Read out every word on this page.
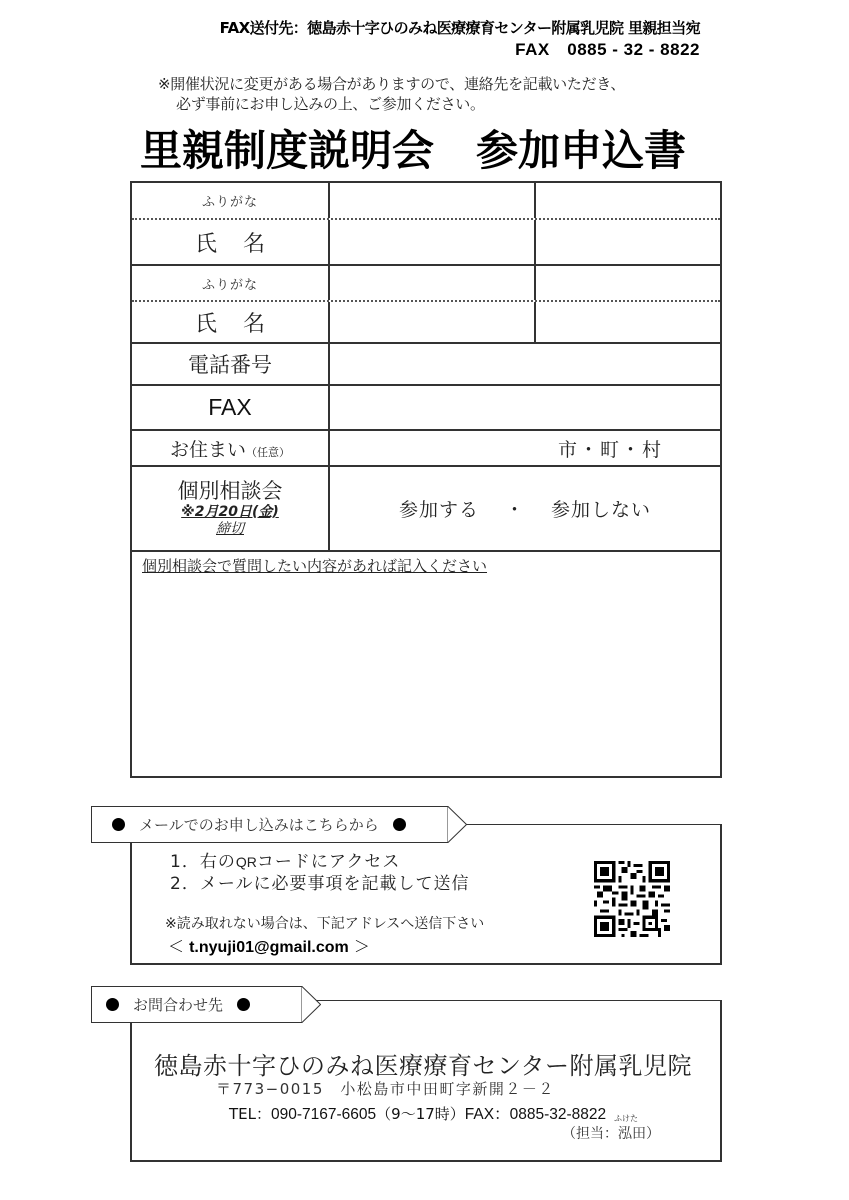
FAX送付先：徳島赤十字ひのみね医療療育センター附属乳児院 里親担当宛
FAX　0885 - 32 - 8822
※開催状況に変更がある場合がありますので、連絡先を記載いただき、
必ず事前にお申し込みの上、ご参加ください。
里親制度説明会　参加申込書
ふりがな
氏名
ふりがな
氏名
電話番号
FAX
お住まい（任意）	市・町・村
個別相談会
※2月20日(金)
締切
参加する ・ 参加しない
個別相談会で質問したい内容があれば記入ください
メールでのお申し込みはこちらから
1．右のQRコードにアクセス
2．メールに必要事項を記載して送信
※読み取れない場合は、下記アドレスへ送信下さい
＜ t.nyuji01@gmail.com ＞
お問合わせ先
徳島赤十字ひのみね医療療育センター附属乳児院
〒773−0015　小松島市中田町字新開２－２
TEL：090-7167-6605（9～17時）FAX：0885-32-8822 ふけた
（担当：泓田）
